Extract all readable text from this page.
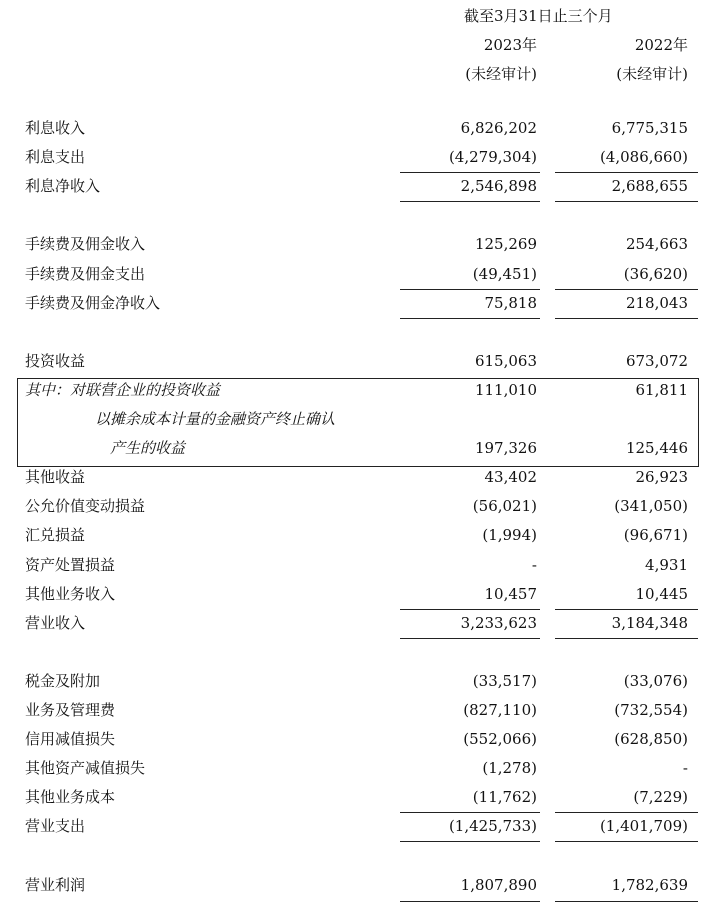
截至3月31日止三个月
2023年	2022年
(未经审计)	(未经审计)
利息收入	6,826,202	6,775,315
利息支出	(4,279,304)	(4,086,660)
利息净收入	2,546,898	2,688,655
手续费及佣金收入	125,269	254,663
手续费及佣金支出	(49,451)	(36,620)
手续费及佣金净收入	75,818	218,043
投资收益	615,063	673,072
其中：对联营企业的投资收益	111,010	61,811
以摊余成本计量的金融资产终止确认
产生的收益	197,326	125,446
其他收益	43,402	26,923
公允价值变动损益	(56,021)	(341,050)
汇兑损益	(1,994)	(96,671)
资产处置损益	-	4,931
其他业务收入	10,457	10,445
营业收入	3,233,623	3,184,348
税金及附加	(33,517)	(33,076)
业务及管理费	(827,110)	(732,554)
信用减值损失	(552,066)	(628,850)
其他资产减值损失	(1,278)	-
其他业务成本	(11,762)	(7,229)
营业支出	(1,425,733)	(1,401,709)
营业利润	1,807,890	1,782,639
